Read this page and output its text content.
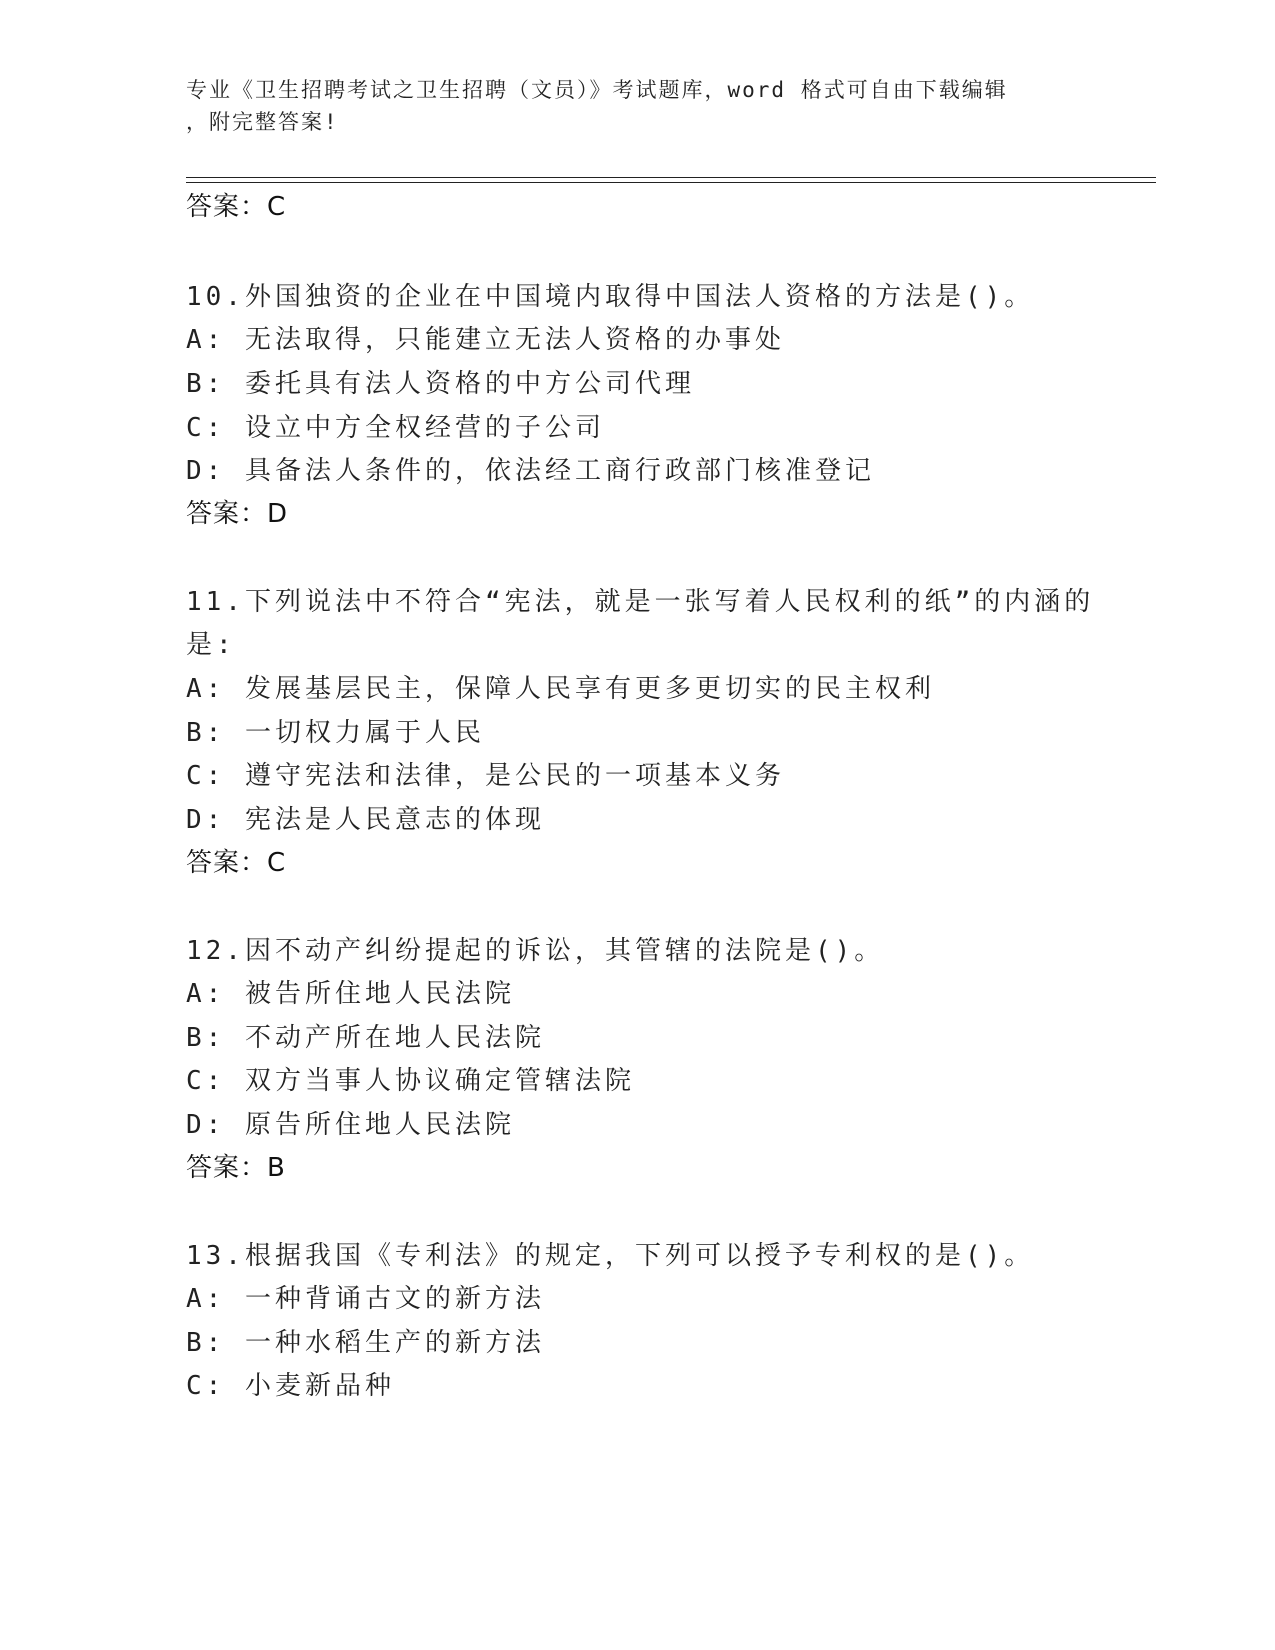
专业《卫生招聘考试之卫生招聘（文员）》考试题库，word 格式可自由下载编辑
，附完整答案!
答案：C
10.外国独资的企业在中国境内取得中国法人资格的方法是()。
A: 无法取得，只能建立无法人资格的办事处
B: 委托具有法人资格的中方公司代理
C: 设立中方全权经营的子公司
D: 具备法人条件的，依法经工商行政部门核准登记
答案：D
11.下列说法中不符合“宪法，就是一张写着人民权利的纸”的内涵的
是:
A: 发展基层民主，保障人民享有更多更切实的民主权利
B: 一切权力属于人民
C: 遵守宪法和法律，是公民的一项基本义务
D: 宪法是人民意志的体现
答案：C
12.因不动产纠纷提起的诉讼，其管辖的法院是()。
A: 被告所住地人民法院
B: 不动产所在地人民法院
C: 双方当事人协议确定管辖法院
D: 原告所住地人民法院
答案：B
13.根据我国《专利法》的规定，下列可以授予专利权的是()。
A: 一种背诵古文的新方法
B: 一种水稻生产的新方法
C: 小麦新品种
